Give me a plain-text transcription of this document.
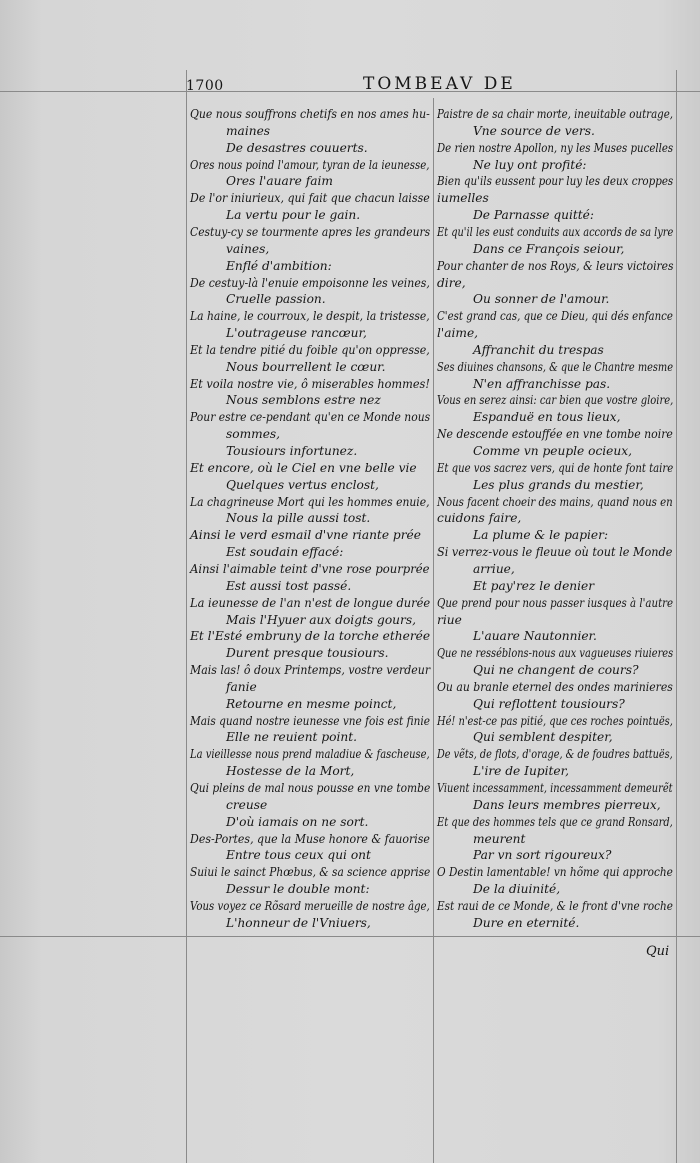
1700	TOMBEAV DE
Que nous souffrons chetifs en nos ames hu-
maines
De desastres couuerts.
Ores nous poind l'amour, tyran de la ieunesse,
Ores l'auare faim
De l'or iniurieux, qui fait que chacun laisse
La vertu pour le gain.
Cestuy-cy se tourmente apres les grandeurs
vaines,
Enflé d'ambition:
De cestuy-là l'enuie empoisonne les veines,
Cruelle passion.
La haine, le courroux, le despit, la tristesse,
L'outrageuse rancœur,
Et la tendre pitié du foible qu'on oppresse,
Nous bourrellent le cœur.
Et voila nostre vie, ô miserables hommes!
Nous semblons estre nez
Pour estre ce-pendant qu'en ce Monde nous
sommes,
Tousiours infortunez.
Et encore, où le Ciel en vne belle vie
Quelques vertus enclost,
La chagrineuse Mort qui les hommes enuie,
Nous la pille aussi tost.
Ainsi le verd esmail d'vne riante prée
Est soudain effacé:
Ainsi l'aimable teint d'vne rose pourprée
Est aussi tost passé.
La ieunesse de l'an n'est de longue durée
Mais l'Hyuer aux doigts gours,
Et l'Esté embruny de la torche etherée
Durent presque tousiours.
Mais las! ô doux Printemps, vostre verdeur
fanie
Retourne en mesme poinct,
Mais quand nostre ieunesse vne fois est finie
Elle ne reuient point.
La vieillesse nous prend maladiue & fascheuse,
Hostesse de la Mort,
Qui pleins de mal nous pousse en vne tombe
creuse
D'où iamais on ne sort.
Des-Portes, que la Muse honore & fauorise
Entre tous ceux qui ont
Suiui le sainct Phœbus, & sa science apprise
Dessur le double mont:
Vous voyez ce Rõsard merueille de nostre âge,
L'honneur de l'Vniuers,
Paistre de sa chair morte, ineuitable outrage,
Vne source de vers.
De rien nostre Apollon, ny les Muses pucelles
Ne luy ont profité:
Bien qu'ils eussent pour luy les deux croppes
iumelles
De Parnasse quitté:
Et qu'il les eust conduits aux accords de sa lyre
Dans ce François seiour,
Pour chanter de nos Roys, & leurs victoires
dire,
Ou sonner de l'amour.
C'est grand cas, que ce Dieu, qui dés enfance
l'aime,
Affranchit du trespas
Ses diuines chansons, & que le Chantre mesme
N'en affranchisse pas.
Vous en serez ainsi: car bien que vostre gloire,
Espanduë en tous lieux,
Ne descende estouffée en vne tombe noire
Comme vn peuple ocieux,
Et que vos sacrez vers, qui de honte font taire
Les plus grands du mestier,
Nous facent choeir des mains, quand nous en
cuidons faire,
La plume & le papier:
Si verrez-vous le fleuue où tout le Monde
arriue,
Et pay'rez le denier
Que prend pour nous passer iusques à l'autre
riue
L'auare Nautonnier.
Que ne resséblons-nous aux vagueuses riuieres
Qui ne changent de cours?
Ou au branle eternel des ondes marinieres
Qui reflottent tousiours?
Hé! n'est-ce pas pitié, que ces roches pointuës,
Qui semblent despiter,
De vẽts, de flots, d'orage, & de foudres battuës,
L'ire de Iupiter,
Viuent incessamment, incessamment demeurẽt
Dans leurs membres pierreux,
Et que des hommes tels que ce grand Ronsard,
meurent
Par vn sort rigoureux?
O Destin lamentable! vn hõme qui approche
De la diuinité,
Est raui de ce Monde, & le front d'vne roche
Dure en eternité.
Qui
